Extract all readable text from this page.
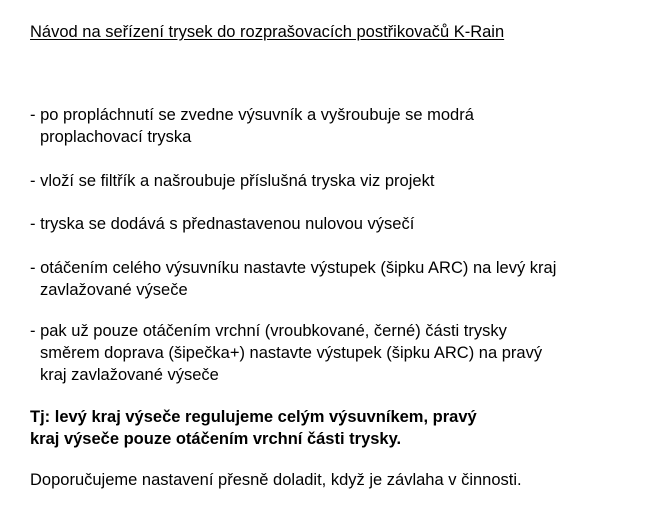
Návod na seřízení trysek do rozprašovacích postřikovačů K-Rain
- po propláchnutí se zvedne výsuvník a vyšroubuje se modrá
proplachovací tryska
- vloží se filtřík a našroubuje příslušná tryska viz projekt
- tryska se dodává s přednastavenou nulovou výsečí
- otáčením celého výsuvníku nastavte výstupek (šipku ARC) na levý kraj
zavlažované výseče
- pak už pouze otáčením vrchní (vroubkované, černé) části trysky
směrem doprava (šipečka+) nastavte výstupek (šipku ARC) na pravý
kraj zavlažované výseče
Tj: levý kraj výseče regulujeme celým výsuvníkem, pravý
kraj výseče pouze otáčením vrchní části trysky.
Doporučujeme nastavení přesně doladit, když je závlaha v činnosti.
